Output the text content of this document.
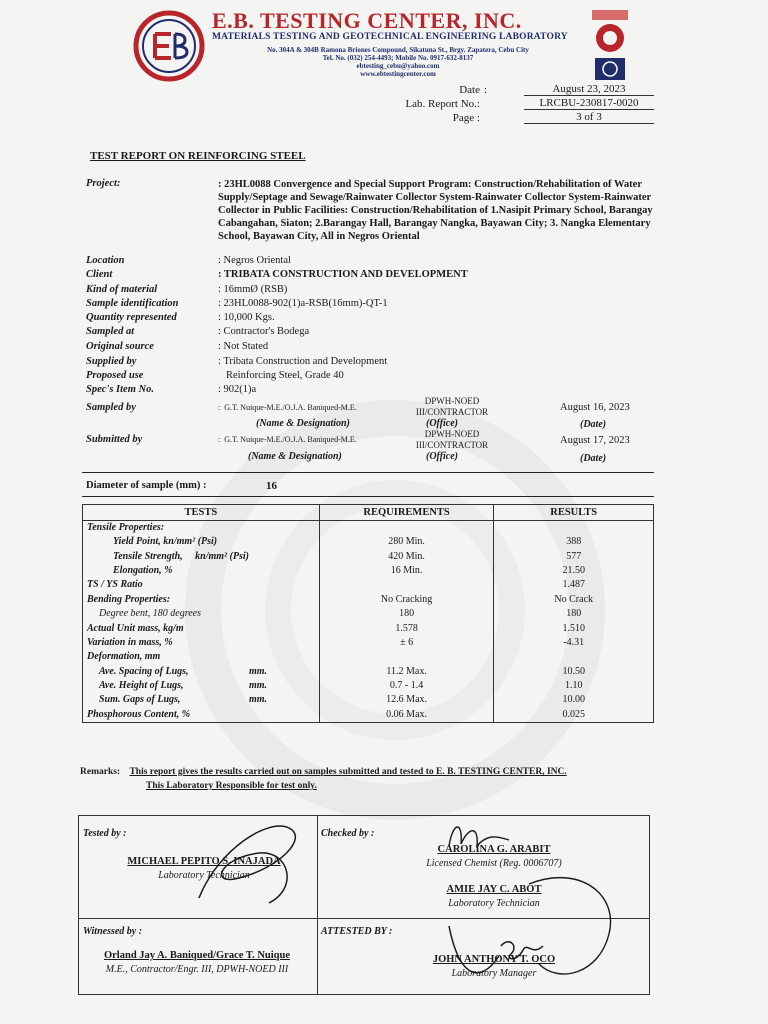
E.B. TESTING CENTER, INC.
MATERIALS TESTING AND GEOTECHNICAL ENGINEERING LABORATORY
No. 304A & 304B Ramona Briones Compound, Sikatuna St., Brgy. Zapatera, Cebu City
Tel. No. (032) 254-4493; Mobile No. 0917-632-8137
ebtesting_cebu@yahoo.com
www.ebtestingcenter.com
Date :	August 23, 2023
Lab. Report No.:	LRCBU-230817-0020
Page :	3 of 3
TEST REPORT ON REINFORCING STEEL
Project:	: 23HL0088 Convergence and Special Support Program: Construction/Rehabilitation of Water Supply/Septage and Sewage/Rainwater Collector System-Rainwater Collector System-Rainwater Collector in Public Facilities: Construction/Rehabilitation of 1.Nasipit Primary School, Barangay Cabangahan, Siaton; 2.Barangay Hall, Barangay Nangka, Bayawan City; 3. Nangka Elementary School, Bayawan City, All in Negros Oriental
Location	: Negros Oriental
Client	: TRIBATA CONSTRUCTION AND DEVELOPMENT
Kind of material	: 16mmØ (RSB)
Sample identification	: 23HL0088-902(1)a-RSB(16mm)-QT-1
Quantity represented	: 10,000 Kgs.
Sampled at	: Contractor's Bodega
Original source	: Not Stated
Supplied by	: Tribata Construction and Development
Proposed use	Reinforcing Steel, Grade 40
Spec's Item No.	: 902(1)a
Sampled by	:  G.T. Nuique-M.E./O.J.A. Baniqued-M.E.
DPWH-NOED III/CONTRACTOR	August 16, 2023
(Name & Designation)	(Office)	(Date)
Submitted by	:  G.T. Nuique-M.E./O.J.A. Baniqued-M.E.
DPWH-NOED III/CONTRACTOR	August 17, 2023
(Name & Designation)	(Office)	(Date)
Diameter of sample (mm) :	16
TESTS	REQUIREMENTS	RESULTS
Tensile Properties:		
Yield Point, kn/mm² (Psi)	280 Min.	388
Tensile Strength, kn/mm² (Psi)	420 Min.	577
Elongation, %	16 Min.	21.50
TS / YS Ratio		1.487
Bending Properties:	No Cracking	No Crack
Degree bent, 180 degrees	180	180
Actual Unit mass, kg/m	1.578	1.510
Variation in mass, %	± 6	-4.31
Deformation, mm		
Ave. Spacing of Lugs, mm.	11.2 Max.	10.50
Ave. Height of Lugs, mm.	0.7 - 1.4	1.10
Sum. Gaps of Lugs, mm.	12.6 Max.	10.00
Phosphorous Content, %	0.06 Max.	0.025
Remarks: This report gives the results carried out on samples submitted and tested to E. B. TESTING CENTER, INC.
This Laboratory Responsible for test only.
Tested by :
MICHAEL PEPITO S. INAJADA
Laboratory Technician
Checked by :
CAROLINA G. ARABIT
Licensed Chemist (Reg. 0006707)
AMIE JAY C. ABOT
Laboratory Technician
Witnessed by :
Orland Jay A. Baniqued/Grace T. Nuique
M.E., Contractor/Engr. III, DPWH-NOED III
ATTESTED BY :
JOHN ANTHONY T. OCO
Laboratory Manager
